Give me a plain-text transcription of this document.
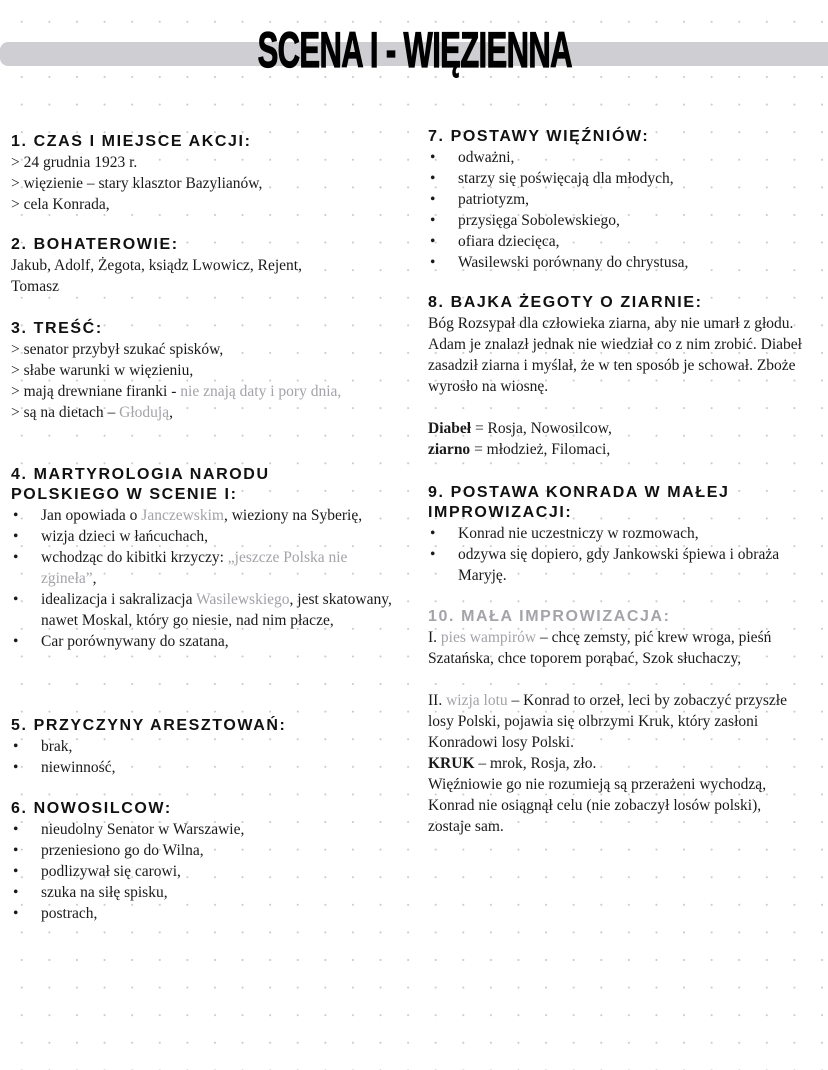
SCENA I - WIĘZIENNA
1. CZAS I MIEJSCE AKCJI:

> 24 grudnia 1923 r.

> więzienie – stary klasztor Bazylianów,

> cela Konrada,

2. BOHATEROWIE:

Jakub, Adolf, Żegota, ksiądz Lwowicz, Rejent, Tomasz

3. TREŚĆ:

> senator przybył szukać spisków,

> słabe warunki w więzieniu,

> mają drewniane firanki - nie znają daty i pory dnia,

> są na dietach – Głodują,

4. MARTYROLOGIA NARODU POLSKIEGO W SCENIE I:
• Jan opowiada o Janczewskim, wieziony na Syberię,
• wizja dzieci w łańcuchach,
• wchodząc do kibitki krzyczy: „jeszcze Polska nie zgineła”,
• idealizacja i sakralizacja Wasilewskiego, jest skatowany, nawet Moskal, który go niesie, nad nim płacze,
• Car porównywany do szatana,
5. PRZYCZYNY ARESZTOWAŃ:
• brak,
• niewinność,
6. NOWOSILCOW:
• nieudolny Senator w Warszawie,
• przeniesiono go do Wilna,
• podlizywał się carowi,
• szuka na siłę spisku,
• postrach,
7. POSTAWY WIĘŹNIÓW:
• odważni,
• starzy się poświęcają dla młodych,
• patriotyzm,
• przysięga Sobolewskiego,
• ofiara dziecięca,
• Wasilewski porównany do chrystusa,
8. BAJKA ŻEGOTY O ZIARNIE:

Bóg Rozsypał dla człowieka ziarna, aby nie umarł z głodu. Adam je znalazł jednak nie wiedział co z nim zrobić. Diabeł zasadził ziarna i myślał, że w ten sposób je schował. Zboże wyrosło na wiosnę.

Diabeł = Rosja, Nowosilcow,

ziarno = młodzież, Filomaci,

9. POSTAWA KONRADA W MAŁEJ IMPROWIZACJI:
• Konrad nie uczestniczy w rozmowach,
• odzywa się dopiero, gdy Jankowski śpiewa i obraża Maryję.
10. MAŁA IMPROWIZACJA:

I. pies wampirów – chcę zemsty, pić krew wroga, pieśń Szatańska, chce toporem porąbać, Szok słuchaczy,

II. wizja lotu – Konrad to orzeł, leci by zobaczyć przyszłe losy Polski, pojawia się olbrzymi Kruk, który zasłoni Konradowi losy Polski.

KRUK – mrok, Rosja, zło.

Więźniowie go nie rozumieją są przerażeni wychodzą,

Konrad nie osiągnął celu (nie zobaczył losów polski), zostaje sam.
